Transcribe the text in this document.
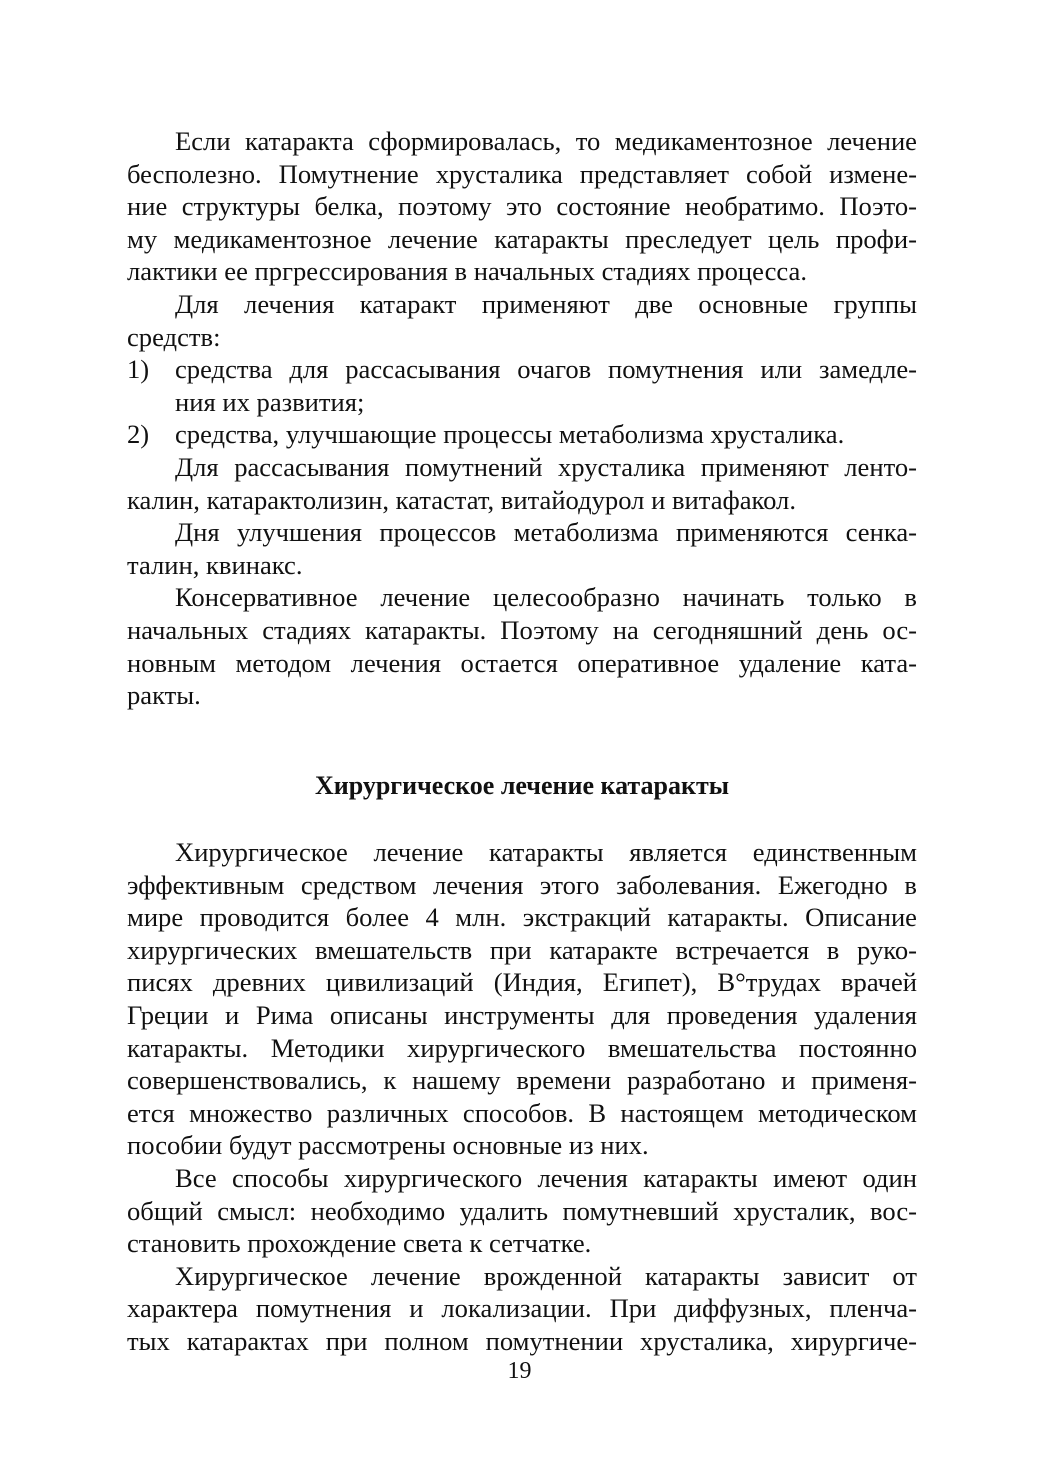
Если катаракта сформировалась, то медикаментозное лечение
бесполезно. Помутнение хрусталика представляет собой измене-
ние структуры белка, поэтому это состояние необратимо. Поэто-
му медикаментозное лечение катаракты преследует цель профи-
лактики ее пргрессирования в начальных стадиях процесса.
Для лечения катаракт применяют две основные группы
средств:
1) средства для рассасывания очагов помутнения или замедле-
ния их развития;
2) средства, улучшающие процессы метаболизма хрусталика.
Для рассасывания помутнений хрусталика применяют ленто-
калин, катарактолизин, катастат, витайодурол и витафакол.
Дня улучшения процессов метаболизма применяются сенка-
талин, квинакс.
Консервативное лечение целесообразно начинать только в
начальных стадиях катаракты. Поэтому на сегодняшний день ос-
новным методом лечения остается оперативное удаление ката-
ракты.
Хирургическое лечение катаракты
Хирургическое лечение катаракты является единственным
эффективным средством лечения этого заболевания. Ежегодно в
мире проводится более 4 млн. экстракций катаракты. Описание
хирургических вмешательств при катаракте встречается в руко-
писях древних цивилизаций (Индия, Египет), В°трудах врачей
Греции и Рима описаны инструменты для проведения удаления
катаракты. Методики хирургического вмешательства постоянно
совершенствовались, к нашему времени разработано и применя-
ется множество различных способов. В настоящем методическом
пособии будут рассмотрены основные из них.
Все способы хирургического лечения катаракты имеют один
общий смысл: необходимо удалить помутневший хрусталик, вос-
становить прохождение света к сетчатке.
Хирургическое лечение врожденной катаракты зависит от
характера помутнения и локализации. При диффузных, пленча-
тых катарактах при полном помутнении хрусталика, хирургиче-
19
